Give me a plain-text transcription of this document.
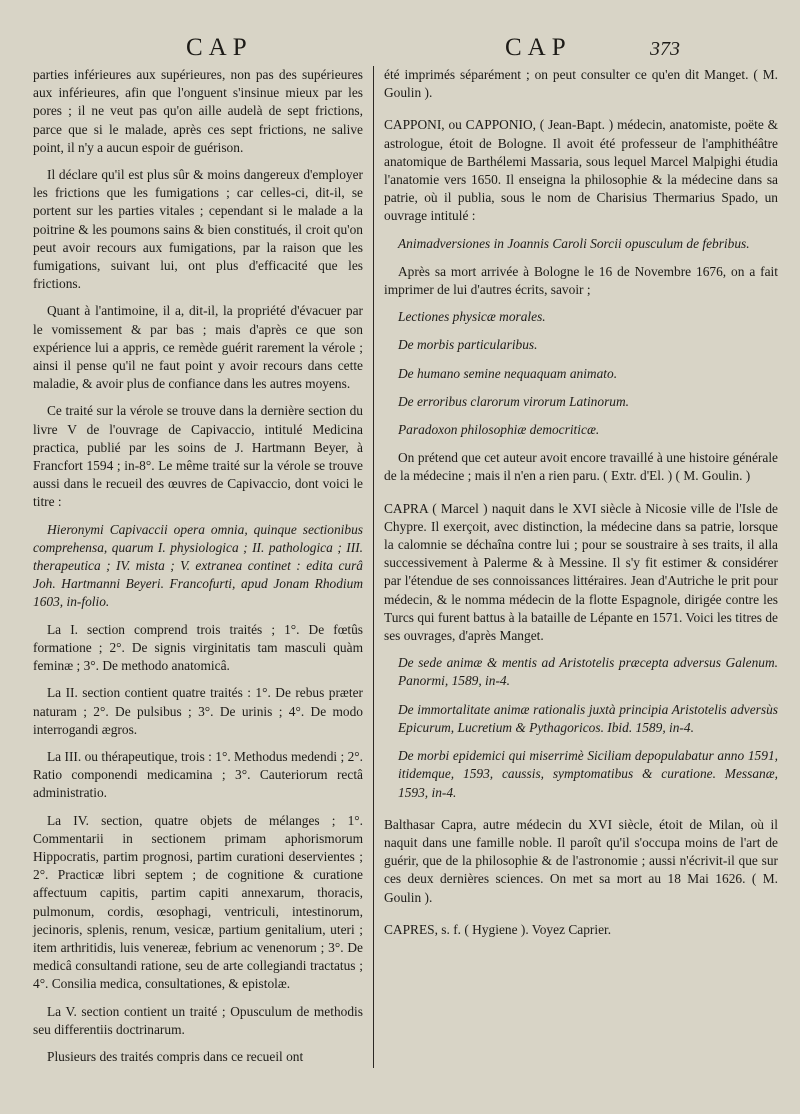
CAP	CAP	373

parties inférieures aux supérieures, non pas des supérieures aux inférieures, afin que l'onguent s'insinue mieux par les pores ; il ne veut pas qu'on aille audelà de sept frictions, parce que si le malade, après ces sept frictions, ne salive point, il n'y a aucun espoir de guérison.

Il déclare qu'il est plus sûr & moins dangereux d'employer les frictions que les fumigations ; car celles-ci, dit-il, se portent sur les parties vitales ; cependant si le malade a la poitrine & les poumons sains & bien constitués, il croit qu'on peut avoir recours aux fumigations, par la raison que les fumigations, suivant lui, ont plus d'efficacité que les frictions.

Quant à l'antimoine, il a, dit-il, la propriété d'évacuer par le vomissement & par bas ; mais d'après ce que son expérience lui a appris, ce remède guérit rarement la vérole ; ainsi il pense qu'il ne faut point y avoir recours dans cette maladie, & avoir plus de confiance dans les autres moyens.

Ce traité sur la vérole se trouve dans la dernière section du livre V de l'ouvrage de Capivaccio, intitulé Medicina practica, publié par les soins de J. Hartmann Beyer, à Francfort 1594 ; in-8°. Le même traité sur la vérole se trouve aussi dans le recueil des œuvres de Capivaccio, dont voici le titre :

Hieronymi Capivaccii opera omnia, quinque sectionibus comprehensa, quarum I. physiologica ; II. pathologica ; III. therapeutica ; IV. mista ; V. extranea continet : edita curâ Joh. Hartmanni Beyeri. Francofurti, apud Jonam Rhodium 1603, in-folio.

La I. section comprend trois traités ; 1°. De fœtûs formatione ; 2°. De signis virginitatis tam masculi quàm feminæ ; 3°. De methodo anatomicâ.

La II. section contient quatre traités : 1°. De rebus præter naturam ; 2°. De pulsibus ; 3°. De urinis ; 4°. De modo interrogandi ægros.

La III. ou thérapeutique, trois : 1°. Methodus medendi ; 2°. Ratio componendi medicamina ; 3°. Cauteriorum rectâ administratio.

La IV. section, quatre objets de mélanges ; 1°. Commentarii in sectionem primam aphorismorum Hippocratis, partim prognosi, partim curationi deservientes ; 2°. Practicæ libri septem ; de cognitione & curatione affectuum capitis, partim capiti annexarum, thoracis, pulmonum, cordis, œsophagi, ventriculi, intestinorum, jecinoris, splenis, renum, vesicæ, partium genitalium, uteri ; item arthritidis, luis venereæ, febrium ac venenorum ; 3°. De medicâ consultandi ratione, seu de arte collegiandi tractatus ; 4°. Consilia medica, consultationes, & epistolæ.

La V. section contient un traité ; Opusculum de methodis seu differentiis doctrinarum.

Plusieurs des traités compris dans ce recueil ont

été imprimés séparément ; on peut consulter ce qu'en dit Manget. ( M. Goulin ).

CAPPONI, ou CAPPONIO, ( Jean-Bapt. ) médecin, anatomiste, poëte & astrologue, étoit de Bologne. Il avoit été professeur de l'amphithéâtre anatomique de Barthélemi Massaria, sous lequel Marcel Malpighi étudia l'anatomie vers 1650. Il enseigna la philosophie & la médecine dans sa patrie, où il publia, sous le nom de Charisius Thermarius Spado, un ouvrage intitulé :

Animadversiones in Joannis Caroli Sorcii opusculum de febribus.

Après sa mort arrivée à Bologne le 16 de Novembre 1676, on a fait imprimer de lui d'autres écrits, savoir ;

Lectiones physicæ morales.

De morbis particularibus.

De humano semine nequaquam animato.

De erroribus clarorum virorum Latinorum.

Paradoxon philosophiæ democriticæ.

On prétend que cet auteur avoit encore travaillé à une histoire générale de la médecine ; mais il n'en a rien paru. ( Extr. d'El. ) ( M. Goulin. )

CAPRA ( Marcel ) naquit dans le XVI siècle à Nicosie ville de l'Isle de Chypre. Il exerçoit, avec distinction, la médecine dans sa patrie, lorsque la calomnie se déchaîna contre lui ; pour se soustraire à ses traits, il alla successivement à Palerme & à Messine. Il s'y fit estimer & considérer par l'étendue de ses connoissances littéraires. Jean d'Autriche le prit pour médecin, & le nomma médecin de la flotte Espagnole, dirigée contre les Turcs qui furent battus à la bataille de Lépante en 1571. Voici les titres de ses ouvrages, d'après Manget.

De sede animæ & mentis ad Aristotelis præcepta adversus Galenum. Panormi, 1589, in-4.

De immortalitate animæ rationalis juxtà principia Aristotelis adversùs Epicurum, Lucretium & Pythagoricos. Ibid. 1589, in-4.

De morbi epidemici qui miserrimè Siciliam depopulabatur anno 1591, itidemque, 1593, caussis, symptomatibus & curatione. Messanæ, 1593, in-4.

Balthasar Capra, autre médecin du XVI siècle, étoit de Milan, où il naquit dans une famille noble. Il paroît qu'il s'occupa moins de l'art de guérir, que de la philosophie & de l'astronomie ; aussi n'écrivit-il que sur ces deux dernières sciences. On met sa mort au 18 Mai 1626. ( M. Goulin ).

CAPRES, s. f. ( Hygiene ). Voyez Caprier.
